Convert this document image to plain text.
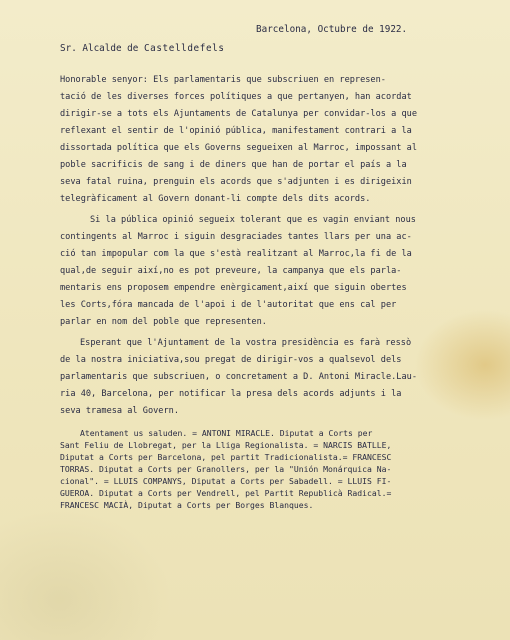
Barcelona, Octubre de 1922.
Sr. Alcalde de Castelldefels
Honorable senyor: Els parlamentaris que subscriuen en represen-
tació de les diverses forces polítiques a que pertanyen, han acordat
dirigir-se a tots els Ajuntaments de Catalunya per convidar-los a que
reflexant el sentir de l'opinió pública, manifestament contrari a la
dissortada política que els Governs segueixen al Marroc, impossant al
poble sacrificis de sang i de diners que han de portar el país a la
seva fatal ruina, prenguin els acords que s'adjunten i es dirigeixin
telegràficament al Govern donant-li compte dels dits acords.
Si la pública opinió segueix tolerant que es vagin enviant nous
contingents al Marroc i siguin desgraciades tantes llars per una ac-
ció tan impopular com la que s'està realitzant al Marroc,la fi de la
qual,de seguir així,no es pot preveure, la campanya que els parla-
mentaris ens proposem empendre enèrgicament,així que siguin obertes
les Corts,fóra mancada de l'apoi i de l'autoritat que ens cal per
parlar en nom del poble que representen.
Esperant que l'Ajuntament de la vostra presidència es farà ressò
de la nostra iniciativa,sou pregat de dirigir-vos a qualsevol dels
parlamentaris que subscriuen, o concretament a D. Antoni Miracle.Lau-
ria 40, Barcelona, per notificar la presa dels acords adjunts i la
seva tramesa al Govern.
Atentament us saluden. = ANTONI MIRACLE. Diputat a Corts per
Sant Feliu de Llobregat, per la Lliga Regionalista. = NARCIS BATLLE,
Diputat a Corts per Barcelona, pel partit Tradicionalista.= FRANCESC
TORRAS. Diputat a Corts per Granollers, per la "Unión Monárquica Na-
cional". = LLUIS COMPANYS, Diputat a Corts per Sabadell. = LLUIS FI-
GUEROA. Diputat a Corts per Vendrell, pel Partit Republicà Radical.=
FRANCESC MACIÀ, Diputat a Corts per Borges Blanques.
